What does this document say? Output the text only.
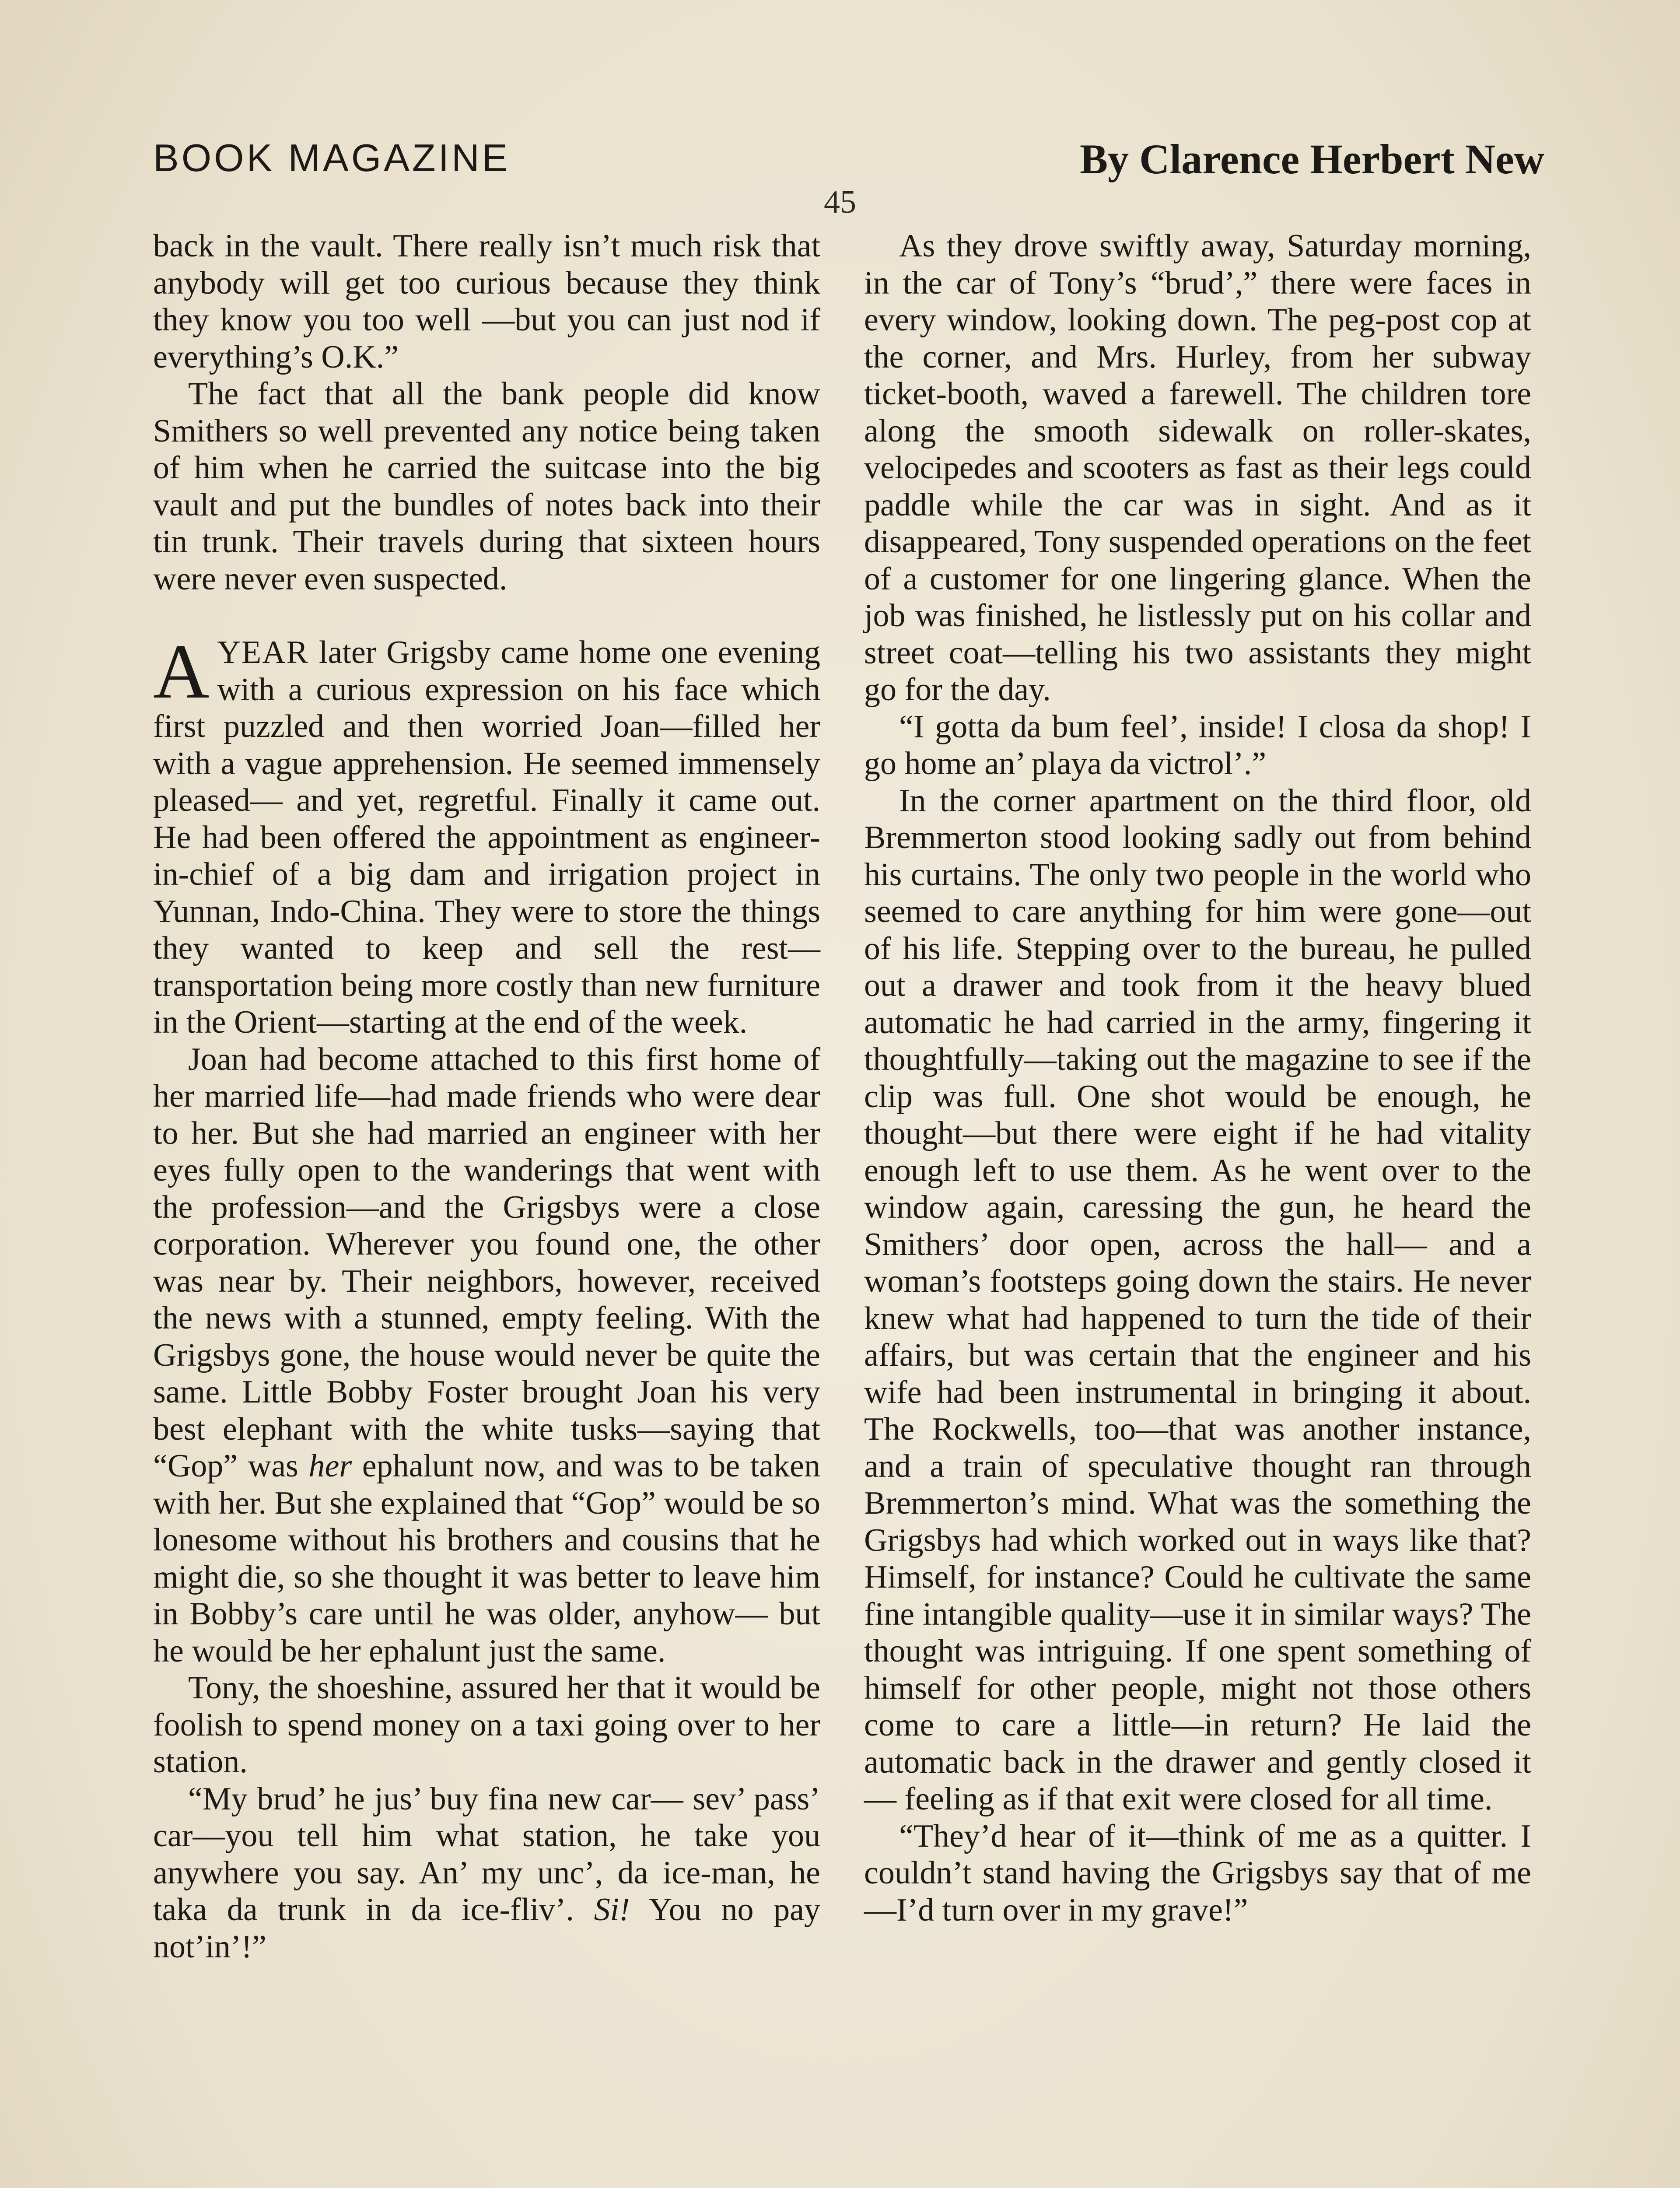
BOOK MAGAZINE	By Clarence Herbert New
45

back in the vault. There really isn’t much risk that anybody will get too curious because they think they know you too well —but you can just nod if everything’s O.K.”

The fact that all the bank people did know Smithers so well prevented any notice being taken of him when he carried the suitcase into the big vault and put the bundles of notes back into their tin trunk. Their travels during that sixteen hours were never even suspected.

AYEAR later Grigsby came home one evening with a curious expression on his face which first puzzled and then worried Joan—filled her with a vague apprehension. He seemed immensely pleased— and yet, regretful. Finally it came out. He had been offered the appointment as engineer-in-chief of a big dam and irrigation project in Yunnan, Indo-China. They were to store the things they wanted to keep and sell the rest—transportation being more costly than new furniture in the Orient—starting at the end of the week.

Joan had become attached to this first home of her married life—had made friends who were dear to her. But she had married an engineer with her eyes fully open to the wanderings that went with the profession—and the Grigsbys were a close corporation. Wherever you found one, the other was near by. Their neighbors, however, received the news with a stunned, empty feeling. With the Grigsbys gone, the house would never be quite the same. Little Bobby Foster brought Joan his very best elephant with the white tusks—saying that “Gop” was her ephalunt now, and was to be taken with her. But she explained that “Gop” would be so lonesome without his brothers and cousins that he might die, so she thought it was better to leave him in Bobby’s care until he was older, anyhow— but he would be her ephalunt just the same.

Tony, the shoeshine, assured her that it would be foolish to spend money on a taxi going over to her station.

“My brud’ he jus’ buy fina new car— sev’ pass’ car—you tell him what station, he take you anywhere you say. An’ my unc’, da ice-man, he taka da trunk in da ice-fliv’. Si! You no pay not’in’!”

As they drove swiftly away, Saturday morning, in the car of Tony’s “brud’,” there were faces in every window, looking down. The peg-post cop at the corner, and Mrs. Hurley, from her subway ticket-booth, waved a farewell. The children tore along the smooth sidewalk on roller-skates, velocipedes and scooters as fast as their legs could paddle while the car was in sight. And as it disappeared, Tony suspended operations on the feet of a customer for one lingering glance. When the job was finished, he listlessly put on his collar and street coat—telling his two assistants they might go for the day.

“I gotta da bum feel’, inside! I closa da shop! I go home an’ playa da victrol’.”

In the corner apartment on the third floor, old Bremmerton stood looking sadly out from behind his curtains. The only two people in the world who seemed to care anything for him were gone—out of his life. Stepping over to the bureau, he pulled out a drawer and took from it the heavy blued automatic he had carried in the army, fingering it thoughtfully—taking out the magazine to see if the clip was full. One shot would be enough, he thought—but there were eight if he had vitality enough left to use them. As he went over to the window again, caressing the gun, he heard the Smithers’ door open, across the hall— and a woman’s footsteps going down the stairs. He never knew what had happened to turn the tide of their affairs, but was certain that the engineer and his wife had been instrumental in bringing it about. The Rockwells, too—that was another instance, and a train of speculative thought ran through Bremmerton’s mind. What was the something the Grigsbys had which worked out in ways like that? Himself, for instance? Could he cultivate the same fine intangible quality—use it in similar ways? The thought was intriguing. If one spent something of himself for other people, might not those others come to care a little—in return? He laid the automatic back in the drawer and gently closed it— feeling as if that exit were closed for all time.

“They’d hear of it—think of me as a quitter. I couldn’t stand having the Grigsbys say that of me—I’d turn over in my grave!”
